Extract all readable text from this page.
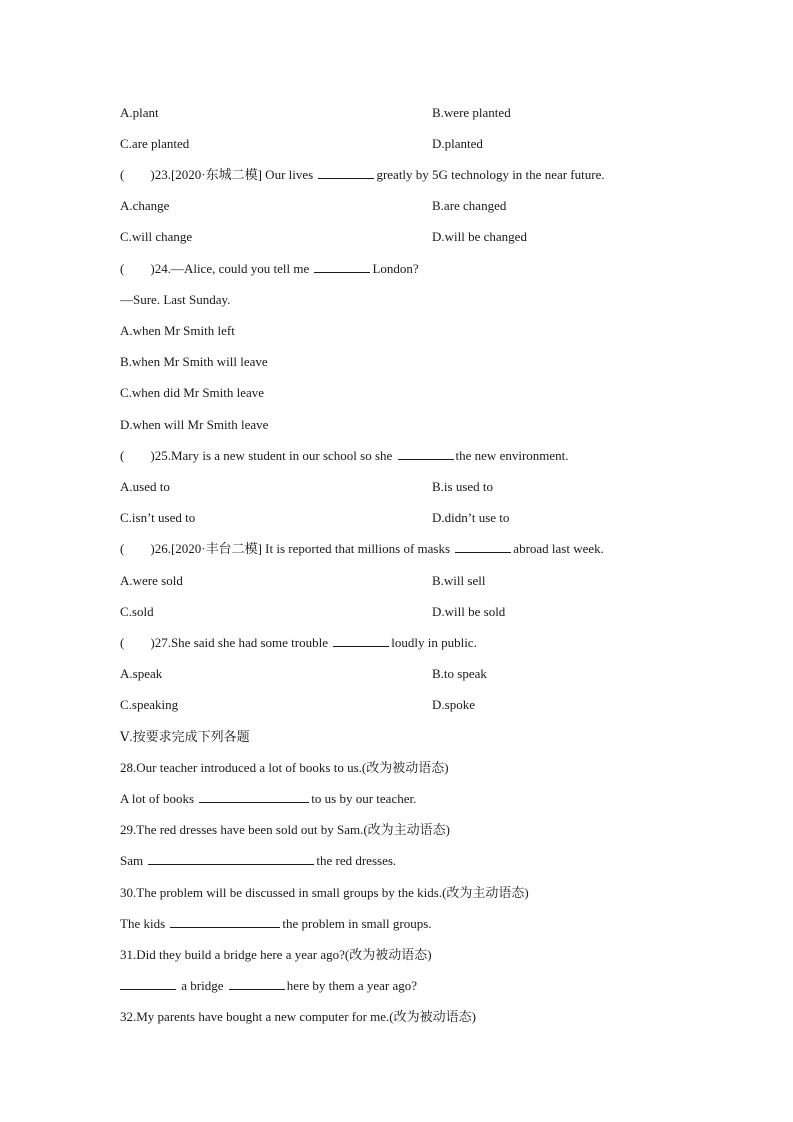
A.plant	B.were planted
C.are planted	D.planted
( )23.[2020·东城二模] Our lives	greatly by 5G technology in the near future.
A.change	B.are changed
C.will change	D.will be changed
( )24.—Alice, could you tell me	London?
—Sure. Last Sunday.
A.when Mr Smith left
B.when Mr Smith will leave
C.when did Mr Smith leave
D.when will Mr Smith leave
( )25.Mary is a new student in our school so she	the new environment.
A.used to	B.is used to
C.isn’t used to	D.didn’t use to
( )26.[2020·丰台二模] It is reported that millions of masks	abroad last week.
A.were sold	B.will sell
C.sold	D.will be sold
( )27.She said she had some trouble	loudly in public.
A.speak	B.to speak
C.speaking	D.spoke
Ⅴ.按要求完成下列各题
28.Our teacher introduced a lot of books to us.(改为被动语态)
A lot of books	to us by our teacher.
29.The red dresses have been sold out by Sam.(改为主动语态)
Sam	the red dresses.
30.The problem will be discussed in small groups by the kids.(改为主动语态)
The kids	the problem in small groups.
31.Did they build a bridge here a year ago?(改为被动语态)
a bridge	here by them a year ago?
32.My parents have bought a new computer for me.(改为被动语态)
